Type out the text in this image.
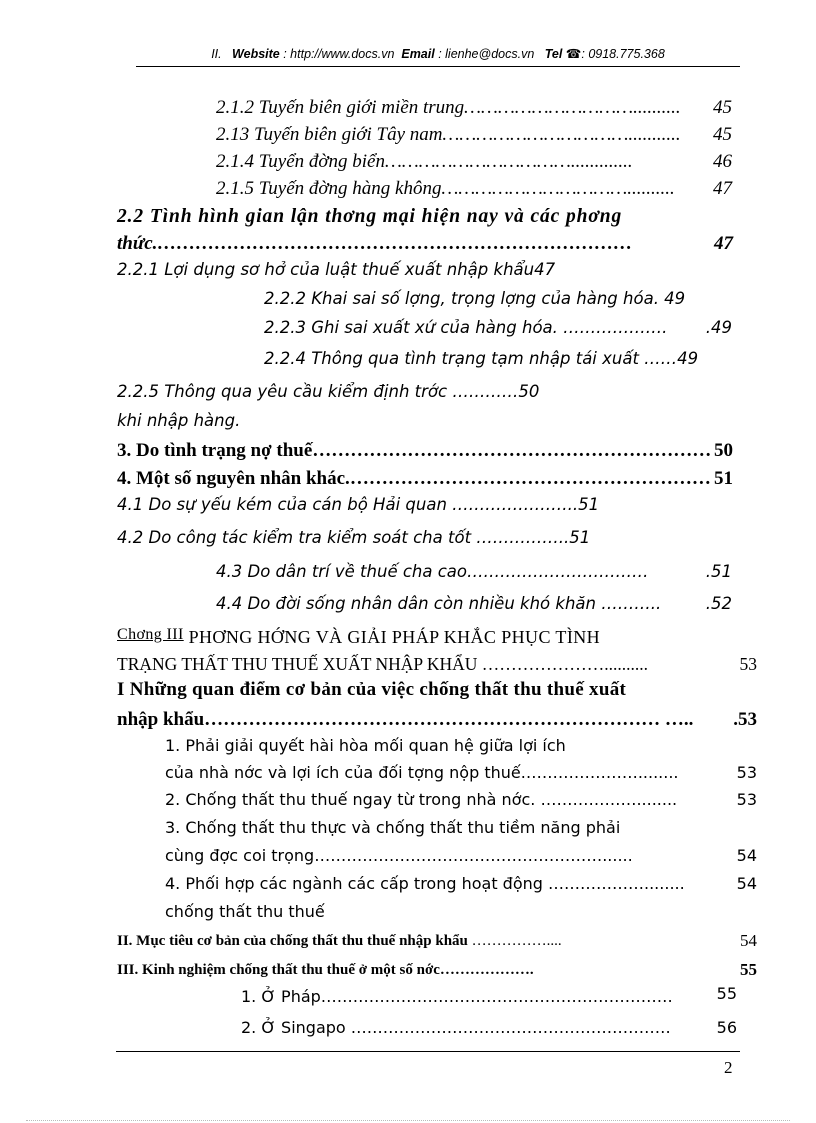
II. Website : http://www.docs.vn Email : lienhe@docs.vn Tel ☎: 0918.775.368
2.1.2 Tuyến biên giới miền trung………………………….......... 45
2.13 Tuyến biên giới Tây nam……………………………........... 45
2.1.4 Tuyển đờng biển…………………………….............	46
2.1.5 Tuyến đờng hàng không…………………………….......... 47
2.2 Tình hình gian lận thơng mại hiện nay và các phơng
thức.…………………………………………………………………	47
2.2.1 Lợi dụng sơ hở của luật thuế xuất nhập khẩu47
2.2.2 Khai sai số lợng, trọng lợng của hàng hóa. 49
2.2.3 Ghi sai xuất xứ của hàng hóa. ………………. .49
2.2.4 Thông qua tình trạng tạm nhập tái xuất ……49
2.2.5 Thông qua yêu cầu kiểm định trớc …………50
khi nhập hàng.
3. Do tình trạng nợ thuế……………………………………………………… 50
4. Một số nguyên nhân khác.………………………………………………… 51
4.1 Do sự yếu kém của cán bộ Hải quan …………………..51
4.2 Do công tác kiểm tra kiểm soát cha tốt ……………..51
4.3 Do dân trí về thuế cha cao……………………………	.51
4.4 Do đời sống nhân dân còn nhiều khó khăn ………..	.52
Chơng III PHƠNG HỚNG VÀ GIẢI PHÁP KHẮC PHỤC TÌNH
TRẠNG THẤT THU THUẾ XUẤT NHẬP KHẨU …………………..........	53
I Những quan điểm cơ bản của việc chống thất thu thuế xuất
nhập khẩu……………………………………………………………… ….. .53
1. Phải giải quyết hài hòa mối quan hệ giữa lợi ích
của nhà nớc và lợi ích của đối tợng nộp thuế.…………………........	53
2. Chống thất thu thuế ngay từ trong nhà nớc. ………………........	53
3. Chống thất thu thực và chống thất thu tiềm năng phải
cùng đợc coi trọng………………………………………………......	54
4. Phối hợp các ngành các cấp trong hoạt động ………………........	54
chống thất thu thuế
II. Mục tiêu cơ bản của chống thất thu thuế nhập khẩu ……………....	54
III. Kinh nghiệm chống thất thu thuế ở một số nớc……………….	55
1. Ở Pháp…………………………………………………………	55
2. Ở Singapo ……………………………………………………	56
2
